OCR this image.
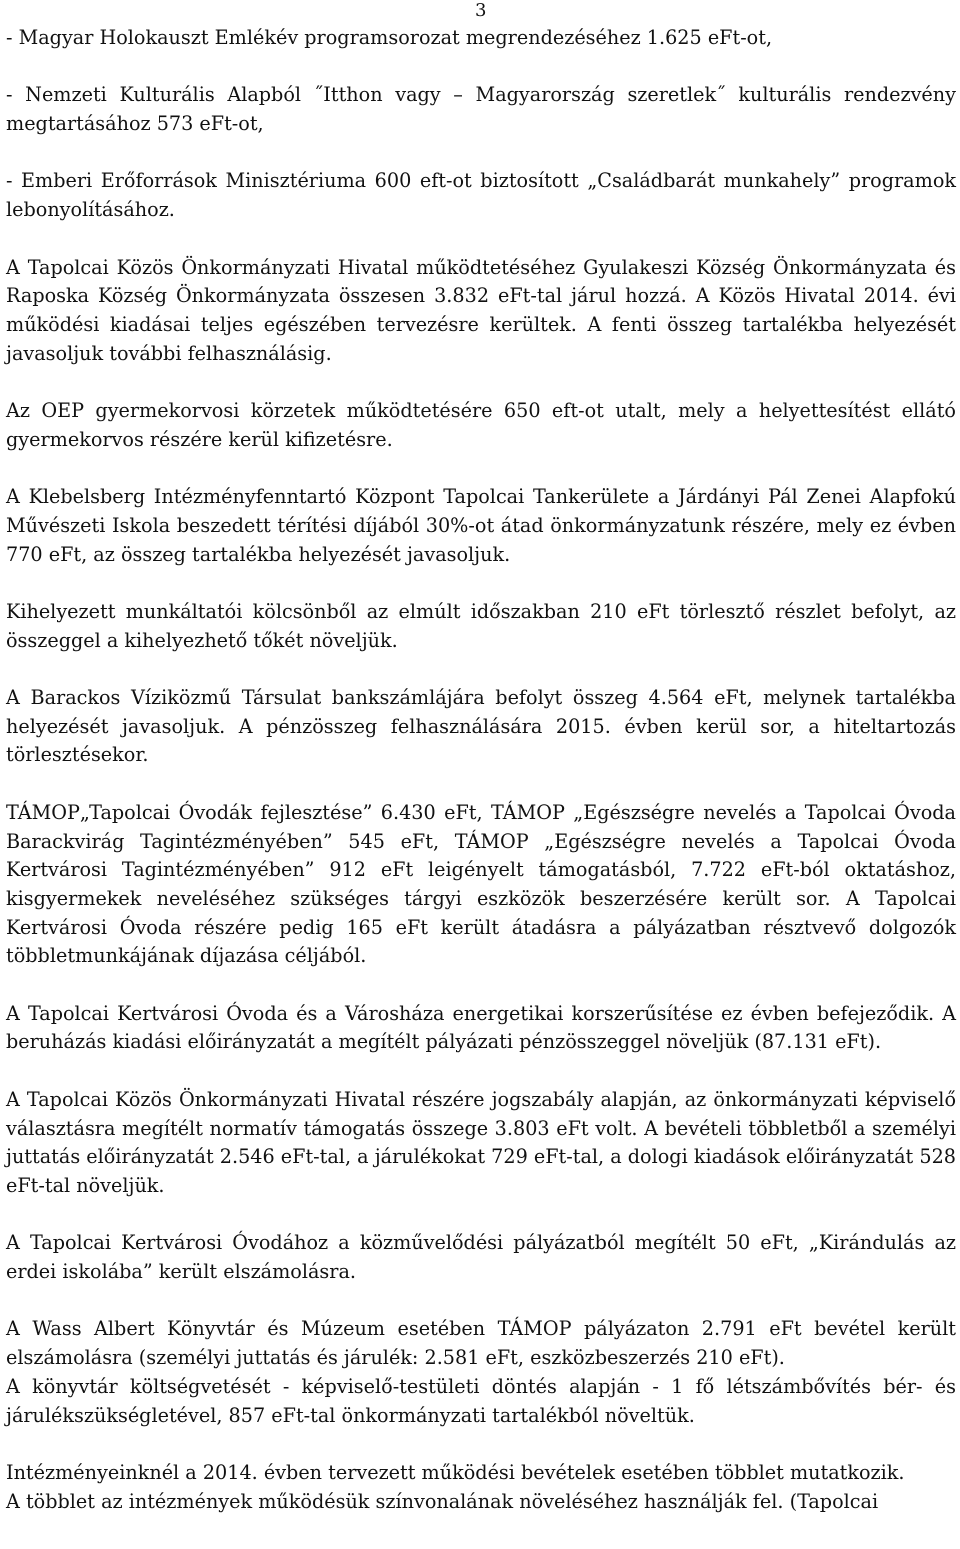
3
- Magyar Holokauszt Emlékév programsorozat megrendezéséhez 1.625 eFt-ot,
- Nemzeti Kulturális Alapból ˝Itthon vagy – Magyarország szeretlek˝ kulturális rendezvény megtartásához 573 eFt-ot,
- Emberi Erőforrások Minisztériuma 600 eft-ot biztosított „Családbarát munkahely” programok lebonyolításához.

A Tapolcai Közös Önkormányzati Hivatal működtetéséhez Gyulakeszi Község Önkormányzata és Raposka Község Önkormányzata összesen 3.832 eFt-tal járul hozzá. A Közös Hivatal 2014. évi működési kiadásai teljes egészében tervezésre kerültek. A fenti összeg tartalékba helyezését javasoljuk további felhasználásig.

Az OEP gyermekorvosi körzetek működtetésére 650 eft-ot utalt, mely a helyettesítést ellátó gyermekorvos részére kerül kifizetésre.

A Klebelsberg Intézményfenntartó Központ Tapolcai Tankerülete a Járdányi Pál Zenei Alapfokú Művészeti Iskola beszedett térítési díjából 30%-ot átad önkormányzatunk részére, mely ez évben 770 eFt, az összeg tartalékba helyezését javasoljuk.

Kihelyezett munkáltatói kölcsönből az elmúlt időszakban 210 eFt törlesztő részlet befolyt, az összeggel a kihelyezhető tőkét növeljük.

A Barackos Víziközmű Társulat bankszámlájára befolyt összeg 4.564 eFt, melynek tartalékba helyezését javasoljuk. A pénzösszeg felhasználására 2015. évben kerül sor, a hiteltartozás törlesztésekor.

TÁMOP„Tapolcai Óvodák fejlesztése” 6.430 eFt, TÁMOP „Egészségre nevelés a Tapolcai Óvoda Barackvirág Tagintézményében” 545 eFt, TÁMOP „Egészségre nevelés a Tapolcai Óvoda Kertvárosi Tagintézményében” 912 eFt leigényelt támogatásból, 7.722 eFt-ból oktatáshoz, kisgyermekek neveléséhez szükséges tárgyi eszközök beszerzésére került sor. A Tapolcai Kertvárosi Óvoda részére pedig 165 eFt került átadásra a pályázatban résztvevő dolgozók többletmunkájának díjazása céljából.

A Tapolcai Kertvárosi Óvoda és a Városháza energetikai korszerűsítése ez évben befejeződik. A beruházás kiadási előirányzatát a megítélt pályázati pénzösszeggel növeljük (87.131 eFt).

A Tapolcai Közös Önkormányzati Hivatal részére jogszabály alapján, az önkormányzati képviselő választásra megítélt normatív támogatás összege 3.803 eFt volt. A bevételi többletből a személyi juttatás előirányzatát 2.546 eFt-tal, a járulékokat 729 eFt-tal, a dologi kiadások előirányzatát 528 eFt-tal növeljük.

A Tapolcai Kertvárosi Óvodához a közművelődési pályázatból megítélt 50 eFt, „Kirándulás az erdei iskolába” került elszámolásra.

A Wass Albert Könyvtár és Múzeum esetében TÁMOP pályázaton 2.791 eFt bevétel került elszámolásra (személyi juttatás és járulék: 2.581 eFt, eszközbeszerzés 210 eFt).
A könyvtár költségvetését - képviselő-testületi döntés alapján - 1 fő létszámbővítés bér- és járulékszükségletével, 857 eFt-tal önkormányzati tartalékból növeltük.
Intézményeinknél a 2014. évben tervezett működési bevételek esetében többlet mutatkozik.
A többlet az intézmények működésük színvonalának növeléséhez használják fel. (Tapolcai
